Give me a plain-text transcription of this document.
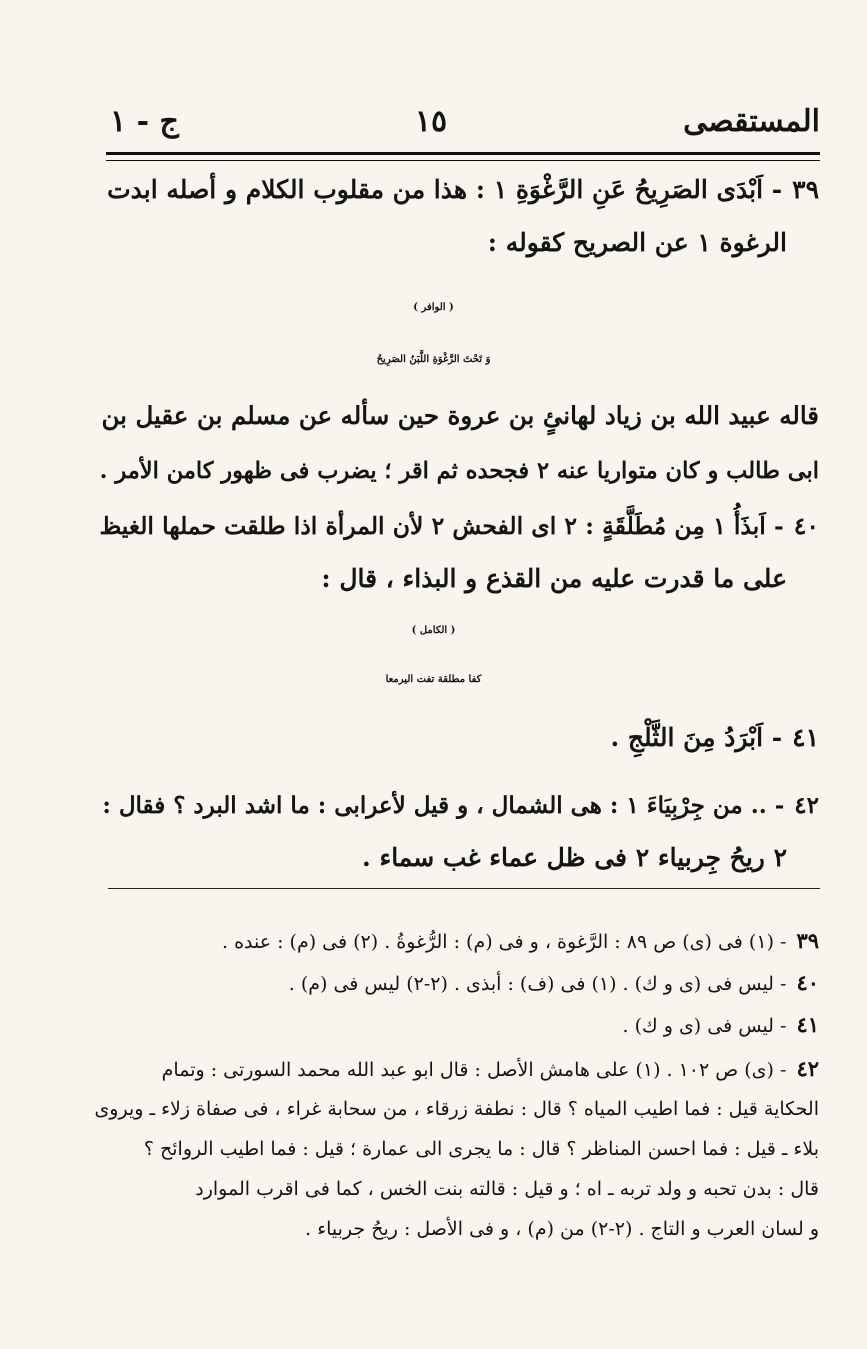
المستقصى
١٥
ج - ١
٣٩- اَبْدَى الصَرِيحُ عَنِ الرَّغْوَةِ ١ : هذا من مقلوب الكلام و أصله ابدت
الرغوة ١ عن الصريح كقوله :
( الوافر )
وَ تَحْتَ الرَّغْوَةِ اللَّبَنُ الصَرِيحُ
قاله عبيد الله بن زياد لهانئٍ بن عروة حين سأله عن مسلم بن عقيل بن
ابى طالب و كان متواريا عنه ٢ فجحده ثم اقر ؛ يضرب فى ظهور كامن الأمر .
٤٠- اَبذَأُ ١ مِن مُطَلَّقَةٍ : ٢ اى الفحش ٢ لأن المرأة اذا طلقت حملها الغيظ
على ما قدرت عليه من القذع و البذاء ، قال :
( الكامل )
كفا مطلقة تفت اليرمعا
٤١- اَبْرَدُ مِنَ الثَّلْجِ .
٤٢- .. من جِرْبِيَاءَ ١ : هى الشمال ، و قيل لأعرابى : ما اشد البرد ؟ فقال :
٢ ريحُ جِربياء ٢ فى ظل عماء غب سماء .
٣٩- (١) فى (ى) ص ٨٩ : الرَّغوة ، و فى (م) : الرُّغوةُ . (٢) فى (م) : عنده .
٤٠- ليس فى (ى و ك) . (١) فى (ف) : أبذى . (٢-٢) ليس فى (م) .
٤١- ليس فى (ى و ك) .
٤٢- (ى) ص ١٠٢ . (١) على هامش الأصل : قال ابو عبد الله محمد السورتى : وتمام
الحكاية قيل : فما اطيب المياه ؟ قال : نطفة زرقاء ، من سحابة غراء ، فى صفاة زلاء ـ ويروى
بلاء ـ قيل : فما احسن المناظر ؟ قال : ما يجرى الى عمارة ؛ قيل : فما اطيب الروائح ؟
قال : بدن تحبه و ولد تربه ـ اه ؛ و قيل : قالته بنت الخس ، كما فى اقرب الموارد
و لسان العرب و التاج . (٢-٢) من (م) ، و فى الأصل : ريحُ جربياء .
